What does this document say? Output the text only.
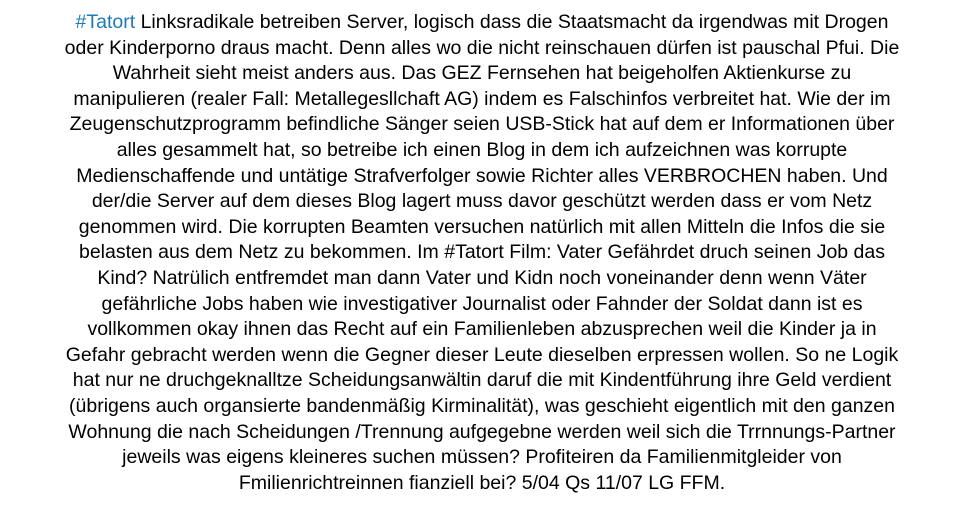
#Tatort Linksradikale betreiben Server, logisch dass die Staatsmacht da irgendwas mit Drogen
oder Kinderporno draus macht. Denn alles wo die nicht reinschauen dürfen ist pauschal Pfui. Die
Wahrheit sieht meist anders aus. Das GEZ Fernsehen hat beigeholfen Aktienkurse zu
manipulieren (realer Fall: Metallegesllchaft AG) indem es Falschinfos verbreitet hat. Wie der im
Zeugenschutzprogramm befindliche Sänger seien USB-Stick hat auf dem er Informationen über
alles gesammelt hat, so betreibe ich einen Blog in dem ich aufzeichnen was korrupte
Medienschaffende und untätige Strafverfolger sowie Richter alles VERBROCHEN haben. Und
der/die Server auf dem dieses Blog lagert muss davor geschützt werden dass er vom Netz
genommen wird. Die korrupten Beamten versuchen natürlich mit allen Mitteln die Infos die sie
belasten aus dem Netz zu bekommen. Im #Tatort Film: Vater Gefährdet druch seinen Job das
Kind? Natrülich entfremdet man dann Vater und Kidn noch voneinander denn wenn Väter
gefährliche Jobs haben wie investigativer Journalist oder Fahnder der Soldat dann ist es
vollkommen okay ihnen das Recht auf ein Familienleben abzusprechen weil die Kinder ja in
Gefahr gebracht werden wenn die Gegner dieser Leute dieselben erpressen wollen. So ne Logik
hat nur ne druchgeknalltze Scheidungsanwältin daruf die mit Kindentführung ihre Geld verdient
(übrigens auch organsierte bandenmäßig Kirminalität), was geschieht eigentlich mit den ganzen
Wohnung die nach Scheidungen /Trennung aufgegebne werden weil sich die Trrnnungs-Partner
jeweils was eigens kleineres suchen müssen? Profiteiren da Familienmitgleider von
Fmilienrichtreinnen fianziell bei? 5/04 Qs 11/07 LG FFM.
